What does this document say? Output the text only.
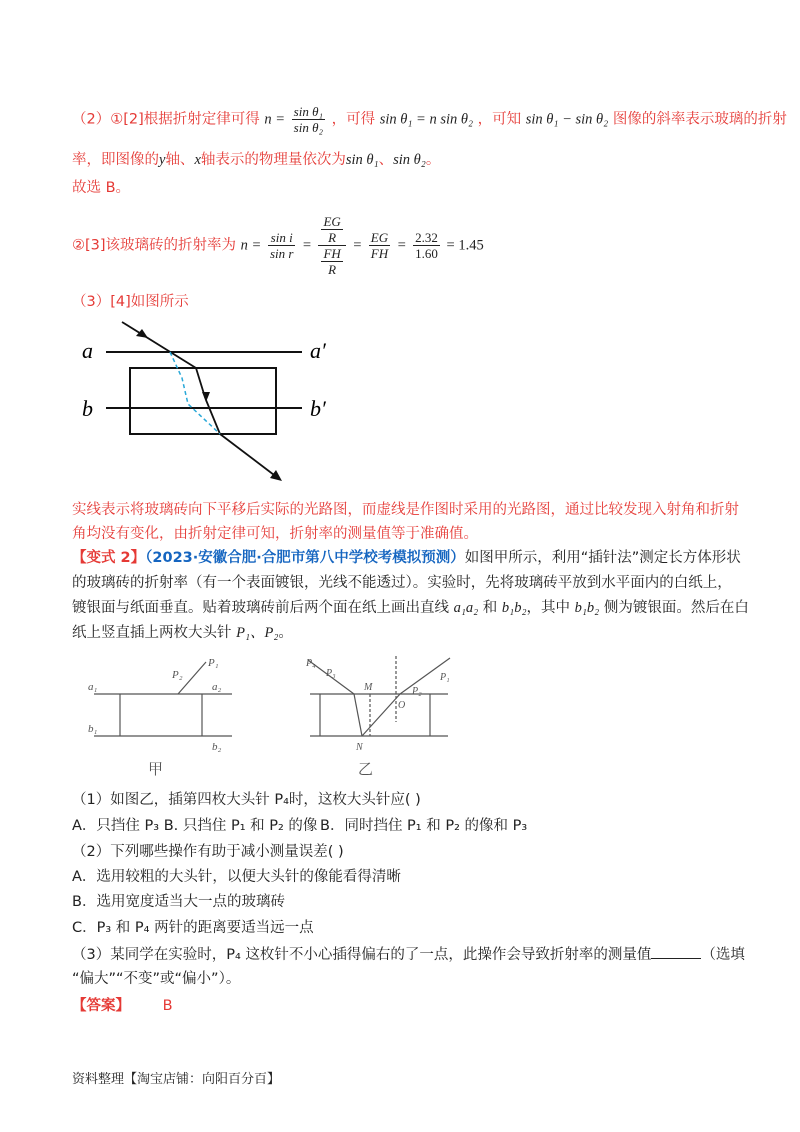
（2）①[2]根据折射定律可得 $n = \frac{\text{sin θ₁}}{\text{sin θ₂}}$ ，可得 sin θ₁ = n sin θ₂ ，可知 sin θ₁ − sin θ₂ 图像的斜率表示玻璃的折射
率，即图像的y轴、x轴表示的物理量依次为sin θ₁、sin θ₂。
故选 B。
②[3]该玻璃砖的折射率为 $n = \frac{\text{sin i}}{\text{sin r}} = \frac{\frac{EG}{R}}{\frac{FH}{R}} = \frac{EG}{FH} = \frac{2.32}{1.60} = 1.45$
（3）[4]如图所示
a	a′
b	b′
实线表示将玻璃砖向下平移后实际的光路图，而虚线是作图时采用的光路图，通过比较发现入射角和折射
角均没有变化，由折射定律可知，折射率的测量值等于准确值。
【变式 2】（2023·安徽合肥·合肥市第八中学校考模拟预测）如图甲所示，利用“插针法”测定长方体形状
的玻璃砖的折射率（有一个表面镀银，光线不能透过）。实验时，先将玻璃砖平放到水平面内的白纸上，
镀银面与纸面垂直。贴着玻璃砖前后两个面在纸上画出直线 a₁a₂ 和 b₁b₂，其中 b₁b₂ 侧为镀银面。然后在白
纸上竖直插上两枚大头针 P₁、P₂。
a₁	a₂
b₁
b₂
P₁
P₂
甲
P₄
P₃	P₁
P₂
M
N
O
乙
（1）如图乙，插第四枚大头针 P₄时，这枚大头针应( )
A．只挡住 P₃ B. 只挡住 P₁ 和 P₂ 的像 B．同时挡住 P₁ 和 P₂ 的像和 P₃
（2）下列哪些操作有助于减小测量误差( )
A．选用较粗的大头针，以便大头针的像能看得清晰
B．选用宽度适当大一点的玻璃砖
C．P₃ 和 P₄ 两针的距离要适当远一点
（3）某同学在实验时，P₄ 这枚针不小心插得偏右的了一点，此操作会导致折射率的测量值	（选填
“偏大”“不变”或“偏小”）。
【答案】 B
资料整理【淘宝店铺：向阳百分百】
